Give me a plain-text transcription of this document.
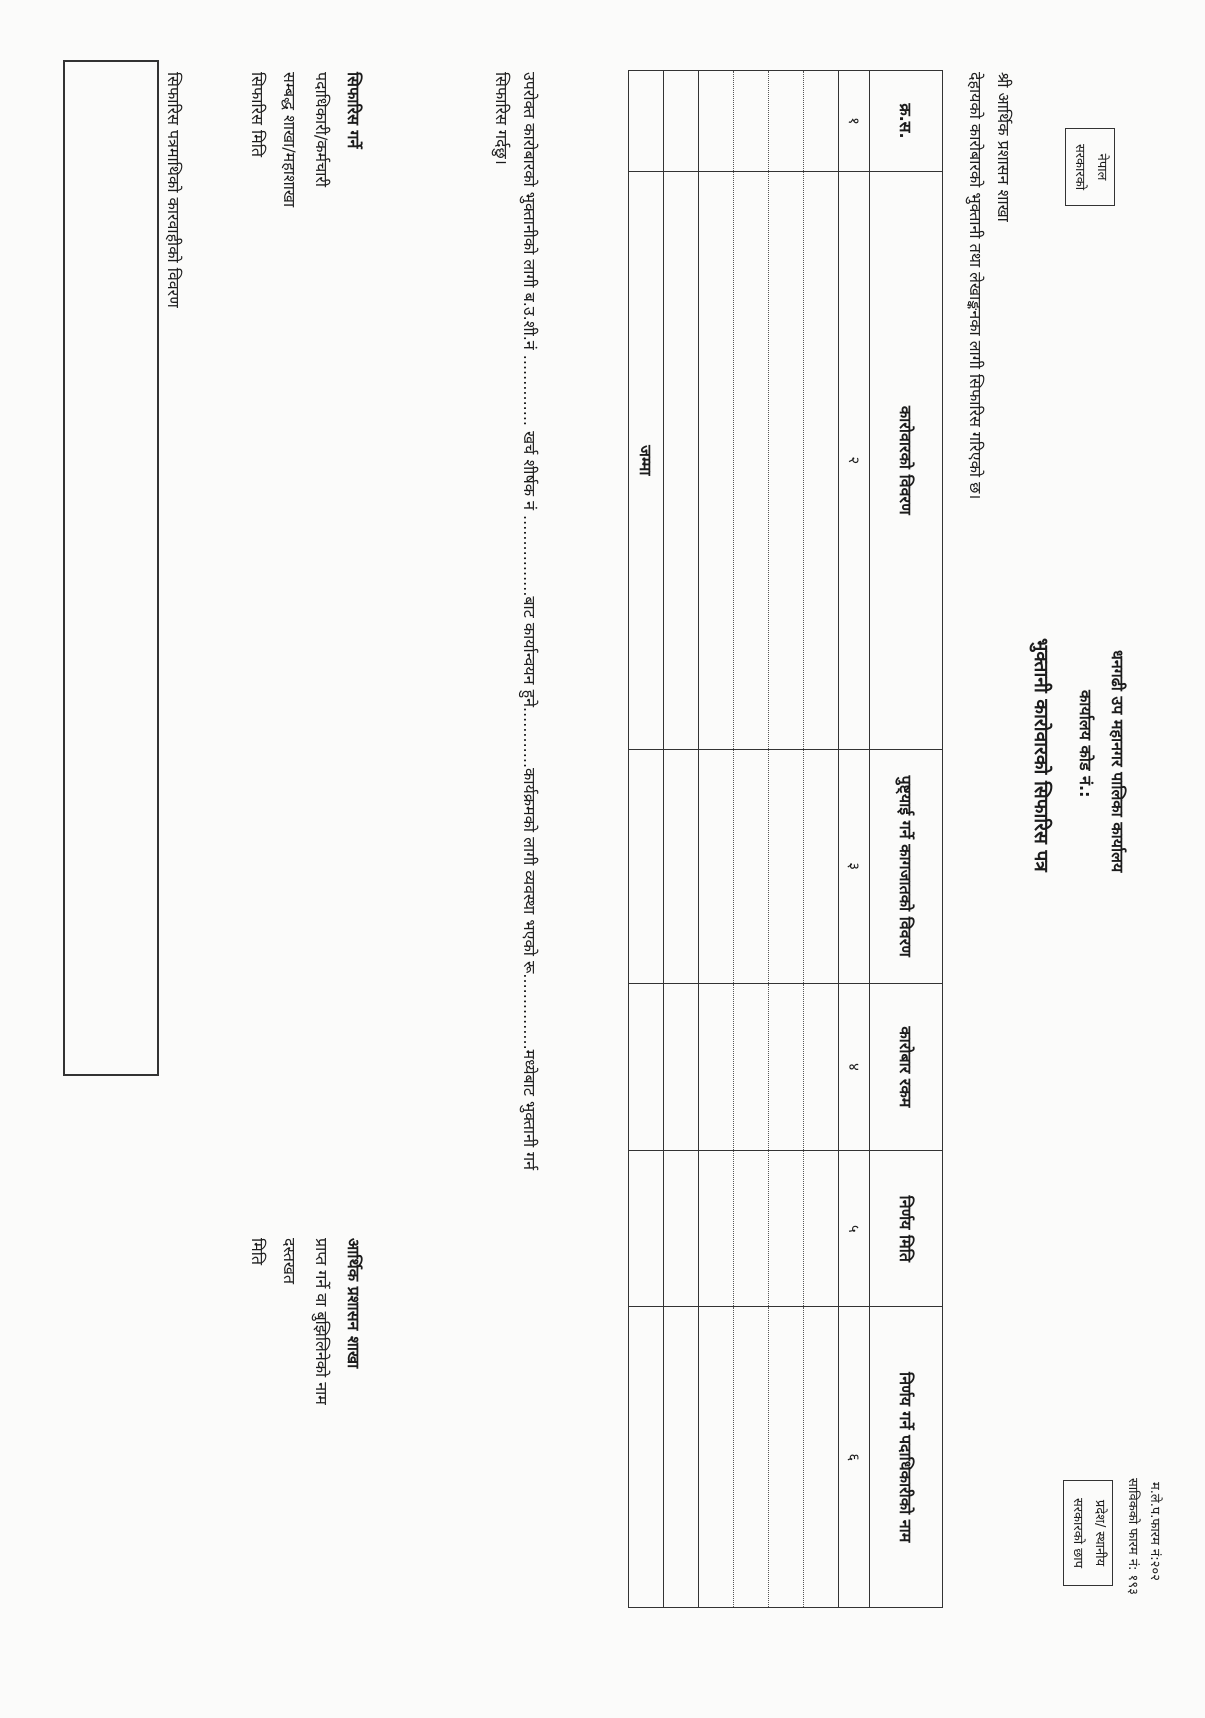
नेपाल
सरकारको
धनगढी उप महानगर पालिका कार्यालय
कार्यालय कोड नं.:
भुक्तानी कारोवारको सिफारिस पत्र
म.ले.प.फारम नं:२०२
साविकको फारम नं: १९३
प्रदेश/ स्थानीय
सरकारको छाप
श्री आर्थिक प्रशासन शाखा
देहायको कारोबारको भुक्तानी तथा लेखाङ्कनका लागी सिफारिस गरिएको छ।
क्र.स.	कारोवारको विवरण	पुष्ट्याई गर्ने कागजातको विवरण	कारोबार रकम	निर्णय मिति	निर्णय गर्ने पदाधिकारीको नाम
१	२	३	४	५	६

	जम्मा				
उपरोक्त कारोबारको भुक्तानीको लागी ब.उ.शी.नं .............. खर्च शीर्षक नं ................बाट कार्यान्वयन हुने............कार्यक्रमको लागी व्यवस्था भएको रू...............मध्येबाट भुक्तानी गर्न
सिफारिस गर्दछु।
सिफारिस गर्ने
पदाधिकारी/कर्मचारी
सम्बद्ध शाखा/महाशाखा
सिफारिस मिति
आर्थिक प्रशासन शाखा
प्राप्त गर्ने वा बुझिलिनेको नाम
दस्तखत
मिति
सिफारिस पत्रमाथिको कारवाहीको विवरण
